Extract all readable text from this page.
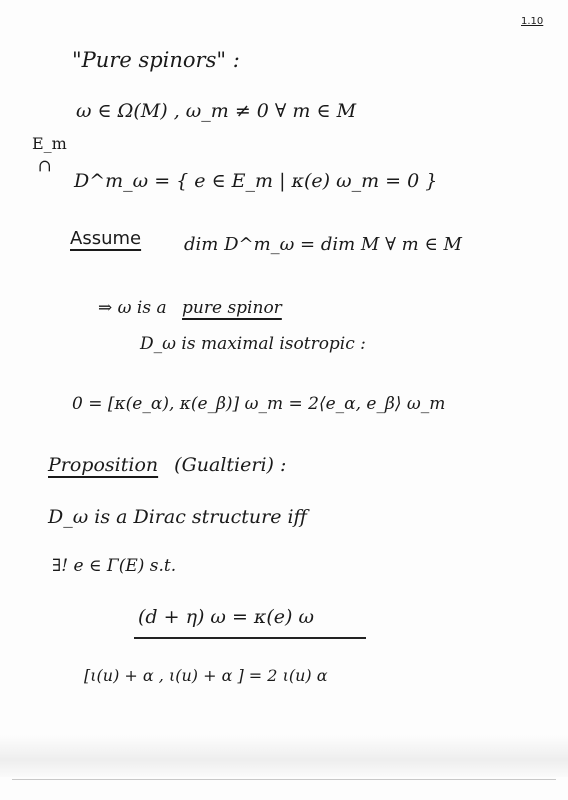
1.10
"Pure spinors" :
ω ∈ Ω(M) , ω_m ≠ 0 ∀ m ∈ M
E_m
⊃
D^m_ω = { e ∈ E_m | κ(e) ω_m = 0 }
Assume dim D^m_ω = dim M ∀ m ∈ M
⇒ ω is a pure spinor
D_ω is maximal isotropic :
0 = [κ(e_α), κ(e_β)] ω_m = 2⟨e_α, e_β⟩ ω_m
Proposition (Gualtieri) :
D_ω is a Dirac structure iff
∃! e ∈ Γ(E) s.t.
(d + η) ω = κ(e) ω
[ι(u) + α , ι(u) + α ] = 2 ι(u) α
